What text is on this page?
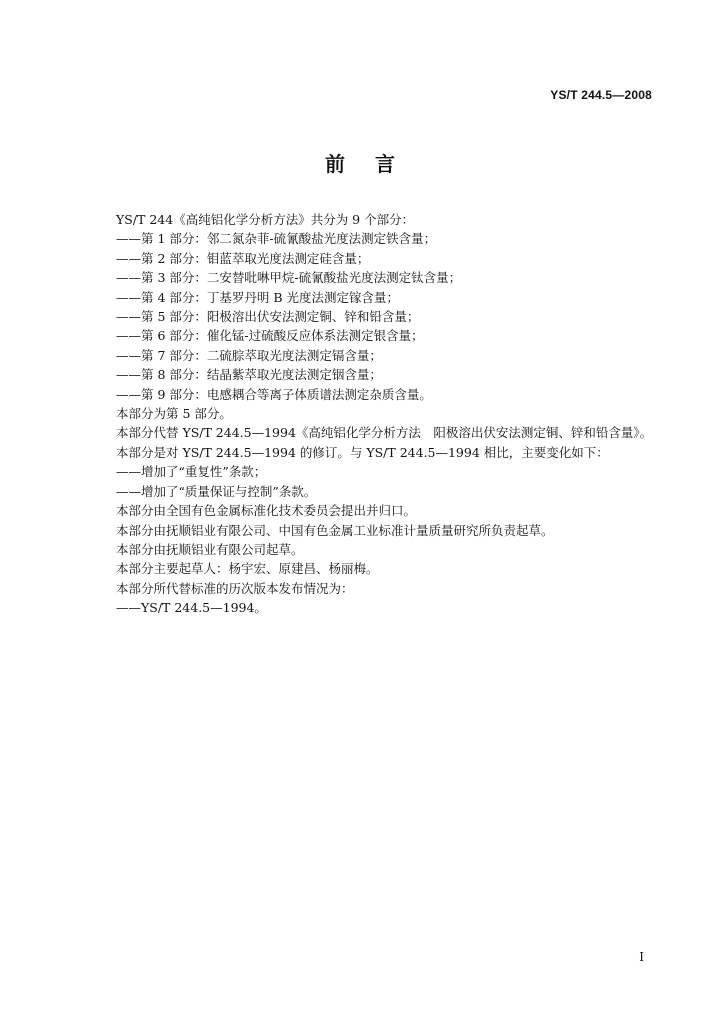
YS/T 244.5—2008
前言
YS/T 244《高纯铝化学分析方法》共分为 9 个部分：
——第 1 部分：邻二氮杂菲-硫氰酸盐光度法测定铁含量；
——第 2 部分：钼蓝萃取光度法测定硅含量；
——第 3 部分：二安替吡啉甲烷-硫氰酸盐光度法测定钛含量；
——第 4 部分：丁基罗丹明 B 光度法测定镓含量；
——第 5 部分：阳极溶出伏安法测定铜、锌和铅含量；
——第 6 部分：催化锰-过硫酸反应体系法测定银含量；
——第 7 部分：二硫腙萃取光度法测定镉含量；
——第 8 部分：结晶紫萃取光度法测定铟含量；
——第 9 部分：电感耦合等离子体质谱法测定杂质含量。
本部分为第 5 部分。
本部分代替 YS/T 244.5—1994《高纯铝化学分析方法　阳极溶出伏安法测定铜、锌和铅含量》。
本部分是对 YS/T 244.5—1994 的修订。与 YS/T 244.5—1994 相比，主要变化如下：
——增加了“重复性”条款；
——增加了“质量保证与控制”条款。
本部分由全国有色金属标准化技术委员会提出并归口。
本部分由抚顺铝业有限公司、中国有色金属工业标准计量质量研究所负责起草。
本部分由抚顺铝业有限公司起草。
本部分主要起草人：杨宇宏、原建昌、杨丽梅。
本部分所代替标准的历次版本发布情况为：
——YS/T 244.5—1994。
I
